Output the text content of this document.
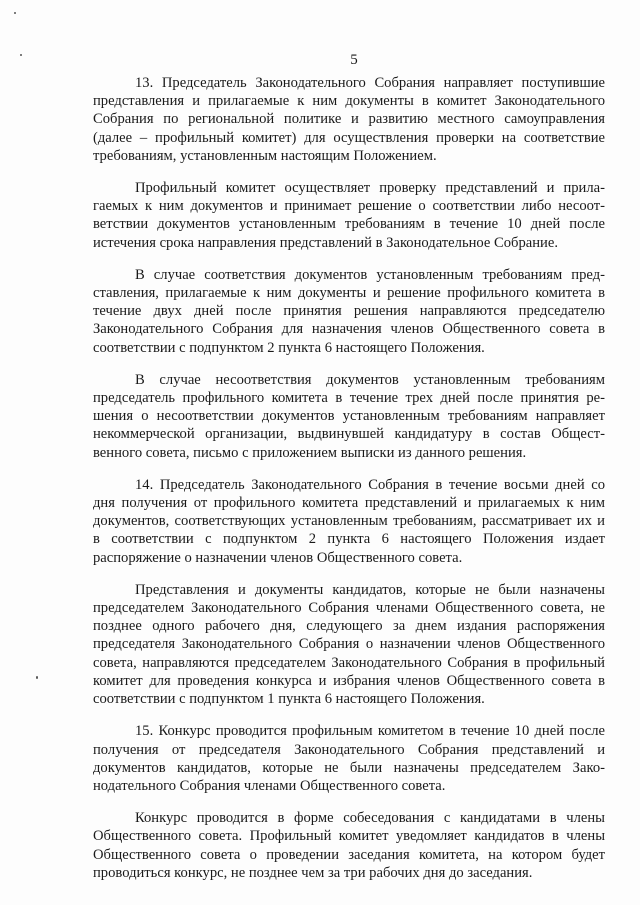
5

13. Председатель Законодательного Собрания направляет поступившие представления и прилагаемые к ним документы в комитет Законодательного Собрания по региональной политике и развитию местного самоуправления (далее – профильный комитет) для осуществления проверки на соответствие требованиям, установленным настоящим Положением.

Профильный комитет осуществляет проверку представлений и прилагаемых к ним документов и принимает решение о соответствии либо несоответствии документов установленным требованиям в течение 10 дней после истечения срока направления представлений в Законодательное Собрание.

В случае соответствия документов установленным требованиям представления, прилагаемые к ним документы и решение профильного комитета в течение двух дней после принятия решения направляются председателю Законодательного Собрания для назначения членов Общественного совета в соответствии с подпунктом 2 пункта 6 настоящего Положения.

В случае несоответствия документов установленным требованиям председатель профильного комитета в течение трех дней после принятия решения о несоответствии документов установленным требованиям направляет некоммерческой организации, выдвинувшей кандидатуру в состав Общественного совета, письмо с приложением выписки из данного решения.

14. Председатель Законодательного Собрания в течение восьми дней со дня получения от профильного комитета представлений и прилагаемых к ним документов, соответствующих установленным требованиям, рассматривает их и в соответствии с подпунктом 2 пункта 6 настоящего Положения издает распоряжение о назначении членов Общественного совета.

Представления и документы кандидатов, которые не были назначены председателем Законодательного Собрания членами Общественного совета, не позднее одного рабочего дня, следующего за днем издания распоряжения председателя Законодательного Собрания о назначении членов Общественного совета, направляются председателем Законодательного Собрания в профильный комитет для проведения конкурса и избрания членов Общественного совета в соответствии с подпунктом 1 пункта 6 настоящего Положения.

15. Конкурс проводится профильным комитетом в течение 10 дней после получения от председателя Законодательного Собрания представлений и документов кандидатов, которые не были назначены председателем Законодательного Собрания членами Общественного совета.

Конкурс проводится в форме собеседования с кандидатами в члены Общественного совета. Профильный комитет уведомляет кандидатов в члены Общественного совета о проведении заседания комитета, на котором будет проводиться конкурс, не позднее чем за три рабочих дня до заседания.
